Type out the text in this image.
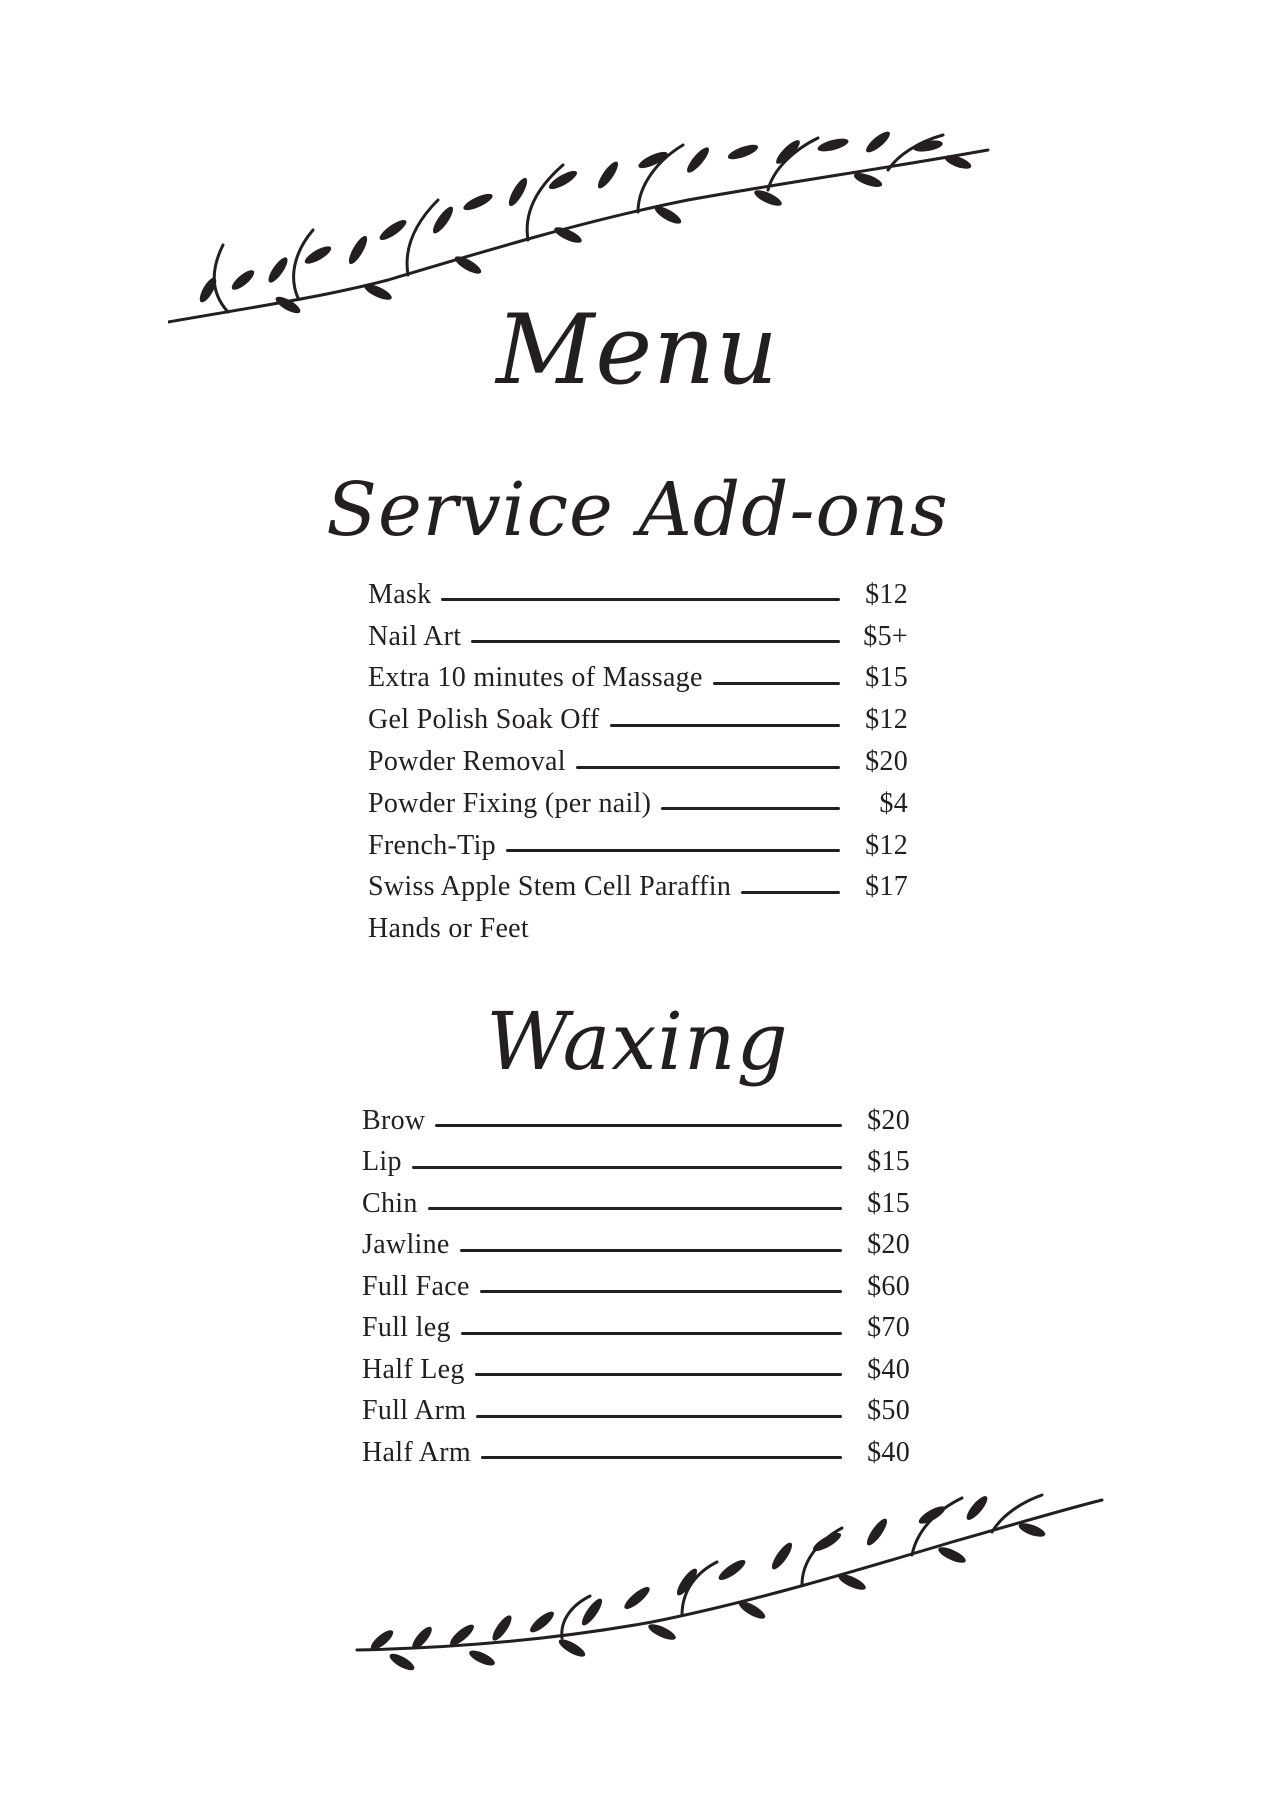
Menu
Service Add-ons
Mask	$12
Nail Art	$5+
Extra 10 minutes of Massage	$15
Gel Polish Soak Off	$12
Powder Removal	$20
Powder Fixing (per nail)	$4
French-Tip	$12
Swiss Apple Stem Cell Paraffin	$17
Hands or Feet
Waxing
Brow	$20
Lip	$15
Chin	$15
Jawline	$20
Full Face	$60
Full leg	$70
Half Leg	$40
Full Arm	$50
Half Arm	$40
